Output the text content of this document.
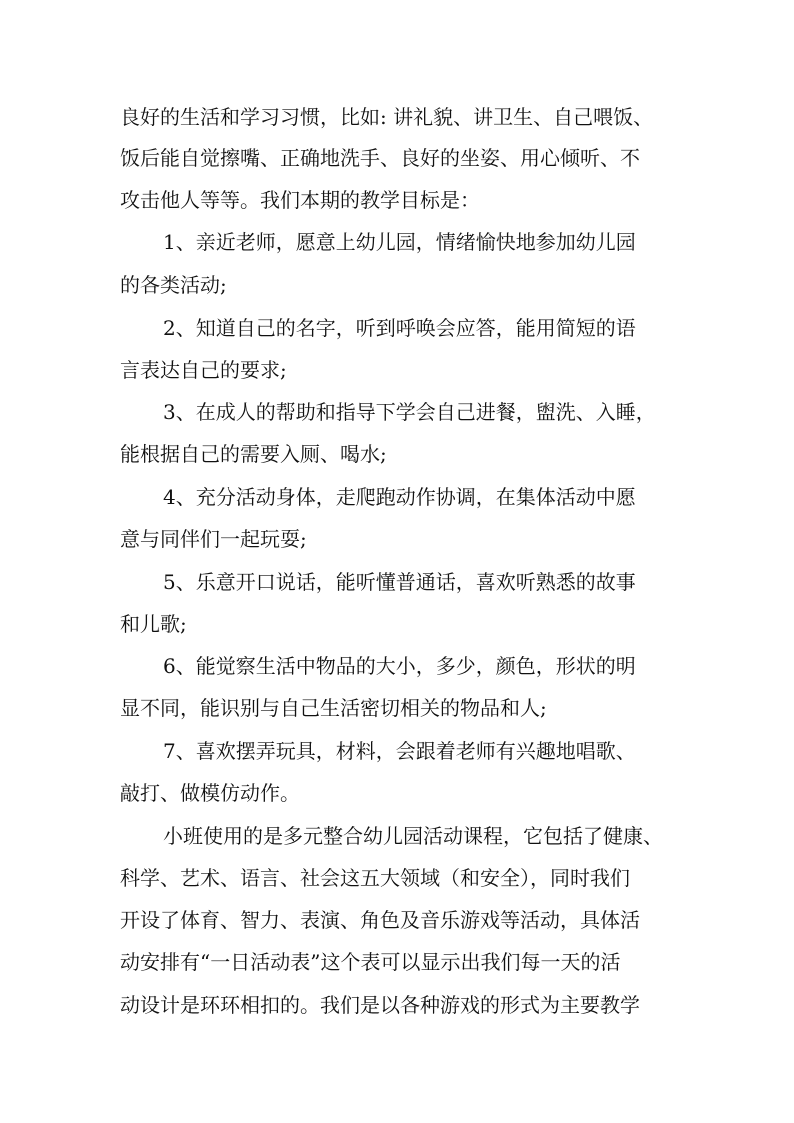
良好的生活和学习习惯，比如: 讲礼貌、讲卫生、自己喂饭、
饭后能自觉擦嘴、正确地洗手、良好的坐姿、用心倾听、不
攻击他人等等。我们本期的教学目标是：
1、亲近老师，愿意上幼儿园，情绪愉快地参加幼儿园
的各类活动;
2、知道自己的名字，听到呼唤会应答，能用简短的语
言表达自己的要求;
3、在成人的帮助和指导下学会自己进餐，盥洗、入睡，
能根据自己的需要入厕、喝水;
4、充分活动身体，走爬跑动作协调，在集体活动中愿
意与同伴们一起玩耍;
5、乐意开口说话，能听懂普通话，喜欢听熟悉的故事
和儿歌;
6、能觉察生活中物品的大小，多少，颜色，形状的明
显不同，能识别与自己生活密切相关的物品和人;
7、喜欢摆弄玩具，材料，会跟着老师有兴趣地唱歌、
敲打、做模仿动作。
小班使用的是多元整合幼儿园活动课程，它包括了健康、
科学、艺术、语言、社会这五大领域（和安全），同时我们
开设了体育、智力、表演、角色及音乐游戏等活动，具体活
动安排有“一日活动表”这个表可以显示出我们每一天的活
动设计是环环相扣的。我们是以各种游戏的形式为主要教学
